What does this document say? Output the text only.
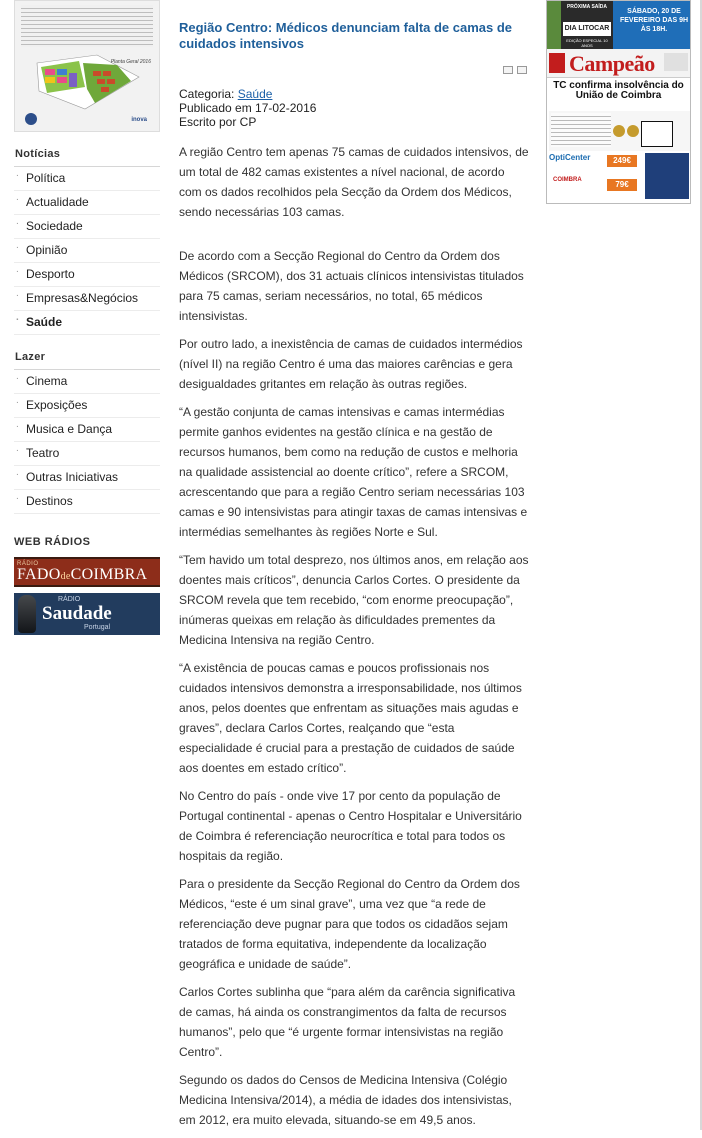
Planta Geral 2016
inova
Notícias
. Política
. Actualidade
. Sociedade
. Opinião
. Desporto
. Empresas&Negócios
. Saúde
Lazer
. Cinema
. Exposições
. Musica e Dança
. Teatro
. Outras Iniciativas
. Destinos
WEB RÁDIOS
RÁDIO
FADOdeCOIMBRA
RÁDIO
Saudade
Portugal
Região Centro: Médicos denunciam falta de camas de cuidados intensivos
Categoria: Saúde
Publicado em 17-02-2016
Escrito por CP

A região Centro tem apenas 75 camas de cuidados intensivos, de um total de 482 camas existentes a nível nacional, de acordo com os dados recolhidos pela Secção da Ordem dos Médicos, sendo necessárias 103 camas.

De acordo com a Secção Regional do Centro da Ordem dos Médicos (SRCOM), dos 31 actuais clínicos intensivistas titulados para 75 camas, seriam necessários, no total, 65 médicos intensivistas.

Por outro lado, a inexistência de camas de cuidados intermédios (nível II) na região Centro é uma das maiores carências e gera desigualdades gritantes em relação às outras regiões.

“A gestão conjunta de camas intensivas e camas intermédias permite ganhos evidentes na gestão clínica e na gestão de recursos humanos, bem como na redução de custos e melhoria na qualidade assistencial ao doente crítico”, refere a SRCOM, acrescentando que para a região Centro seriam necessárias 103 camas e 90 intensivistas para atingir taxas de camas intensivas e intermédias semelhantes às regiões Norte e Sul.

“Tem havido um total desprezo, nos últimos anos, em relação aos doentes mais críticos”, denuncia Carlos Cortes. O presidente da SRCOM revela que tem recebido, “com enorme preocupação”, inúmeras queixas em relação às dificuldades prementes da Medicina Intensiva na região Centro.

“A existência de poucas camas e poucos profissionais nos cuidados intensivos demonstra a irresponsabilidade, nos últimos anos, pelos doentes que enfrentam as situações mais agudas e graves”, declara Carlos Cortes, realçando que “esta especialidade é crucial para a prestação de cuidados de saúde aos doentes em estado crítico”.

No Centro do país - onde vive 17 por cento da população de Portugal continental - apenas o Centro Hospitalar e Universitário de Coimbra é referenciação neurocrítica e total para todos os hospitais da região.

Para o presidente da Secção Regional do Centro da Ordem dos Médicos, “este é um sinal grave”, uma vez que “a rede de referenciação deve pugnar para que todos os cidadãos sejam tratados de forma equitativa, independente da localização geográfica e unidade de saúde”.

Carlos Cortes sublinha que “para além da carência significativa de camas, há ainda os constrangimentos da falta de recursos humanos”, pelo que “é urgente formar intensivistas na região Centro”.

Segundo os dados do Censos de Medicina Intensiva (Colégio Medicina Intensiva/2014), a média de idades dos intensivistas, em 2012, era muito elevada, situando-se em 49,5 anos.

PRÓXIMA SAÍDA
DIA LITOCAR
EDIÇÃO ESPECIAL 10 ANOS
SÁBADO, 20 DE FEVEREIRO DAS 9H ÀS 18H.
Campeão
TC confirma insolvência do União de Coimbra
OptiCenter	249€
COIMBRA	79€
